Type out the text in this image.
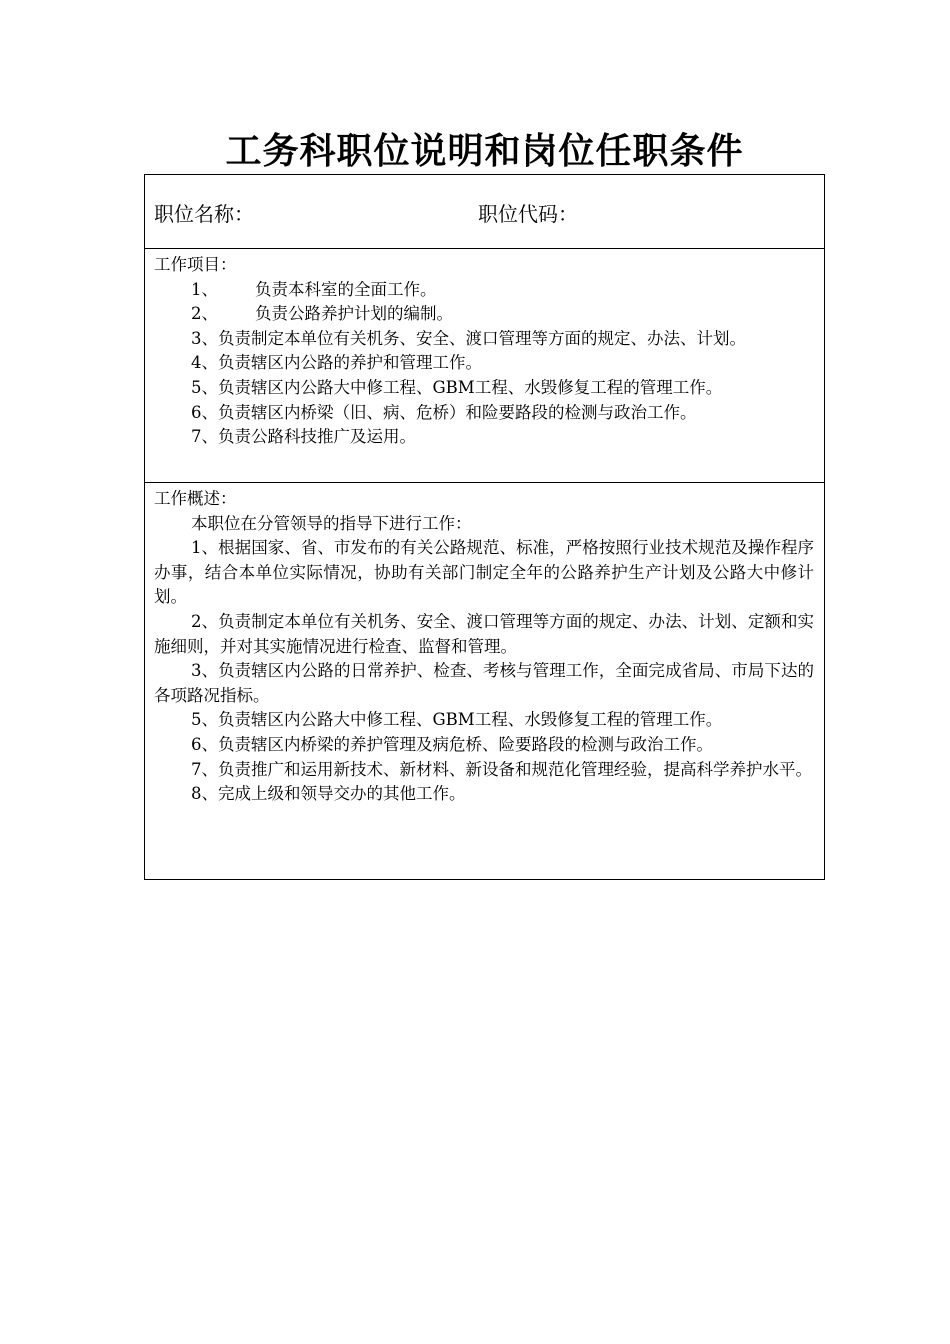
工务科职位说明和岗位任职条件
职位名称：	职位代码：
工作项目：

1、 负责本科室的全面工作。

2、 负责公路养护计划的编制。

3、负责制定本单位有关机务、安全、渡口管理等方面的规定、办法、计划。

4、负责辖区内公路的养护和管理工作。

5、负责辖区内公路大中修工程、GBM工程、水毁修复工程的管理工作。

6、负责辖区内桥梁（旧、病、危桥）和险要路段的检测与政治工作。

7、负责公路科技推广及运用。

工作概述：

本职位在分管领导的指导下进行工作：

1、根据国家、省、市发布的有关公路规范、标准，严格按照行业技术规范及操作程序办事，结合本单位实际情况，协助有关部门制定全年的公路养护生产计划及公路大中修计划。

2、负责制定本单位有关机务、安全、渡口管理等方面的规定、办法、计划、定额和实施细则，并对其实施情况进行检查、监督和管理。

3、负责辖区内公路的日常养护、检查、考核与管理工作，全面完成省局、市局下达的各项路况指标。

5、负责辖区内公路大中修工程、GBM工程、水毁修复工程的管理工作。

6、负责辖区内桥梁的养护管理及病危桥、险要路段的检测与政治工作。

7、负责推广和运用新技术、新材料、新设备和规范化管理经验，提高科学养护水平。

8、完成上级和领导交办的其他工作。
